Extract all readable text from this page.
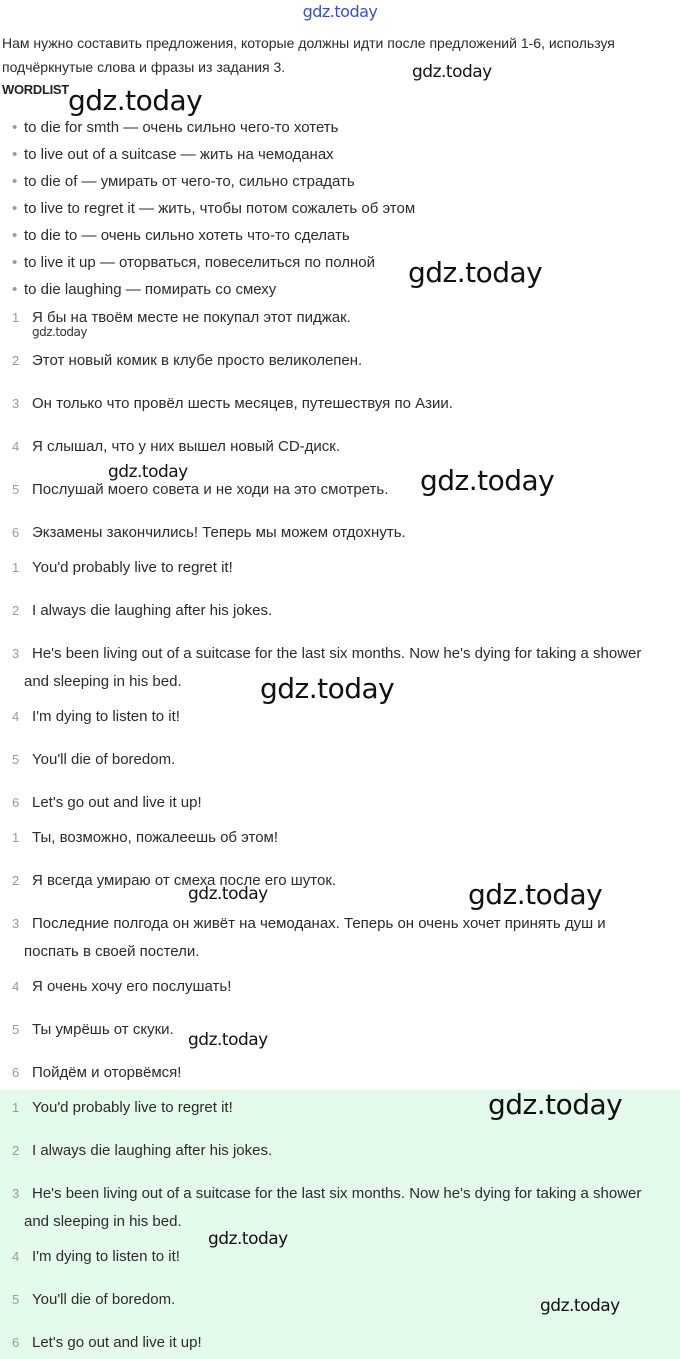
gdz.today
Нам нужно составить предложения, которые должны идти после предложений 1-6, используя подчёркнутые слова и фразы из задания 3.
WORDLIST
• to die for smth — очень сильно чего-то хотеть
• to live out of a suitcase — жить на чемоданах
• to die of — умирать от чего-то, сильно страдать
• to live to regret it — жить, чтобы потом сожалеть об этом
• to die to — очень сильно хотеть что-то сделать
• to live it up — оторваться, повеселиться по полной
• to die laughing — помирать со смеху
1 Я бы на твоём месте не покупал этот пиджак.
2 Этот новый комик в клубе просто великолепен.
3 Он только что провёл шесть месяцев, путешествуя по Азии.
4 Я слышал, что у них вышел новый CD-диск.
5 Послушай моего совета и не ходи на это смотреть.
6 Экзамены закончились! Теперь мы можем отдохнуть.
1 You'd probably live to regret it!
2 I always die laughing after his jokes.
3 He's been living out of a suitcase for the last six months. Now he's dying for taking a shower and sleeping in his bed.
4 I'm dying to listen to it!
5 You'll die of boredom.
6 Let's go out and live it up!
1 Ты, возможно, пожалеешь об этом!
2 Я всегда умираю от смеха после его шуток.
3 Последние полгода он живёт на чемоданах. Теперь он очень хочет принять душ и поспать в своей постели.
4 Я очень хочу его послушать!
5 Ты умрёшь от скуки.
6 Пойдём и оторвёмся!
1 You'd probably live to regret it!
2 I always die laughing after his jokes.
3 He's been living out of a suitcase for the last six months. Now he's dying for taking a shower and sleeping in his bed.
4 I'm dying to listen to it!
5 You'll die of boredom.
6 Let's go out and live it up!
gdz.today
gdz.today
gdz.today
gdz.today
gdz.today	gdz.today
gdz.today
gdz.today	gdz.today
gdz.today
gdz.today
gdz.today
gdz.today
